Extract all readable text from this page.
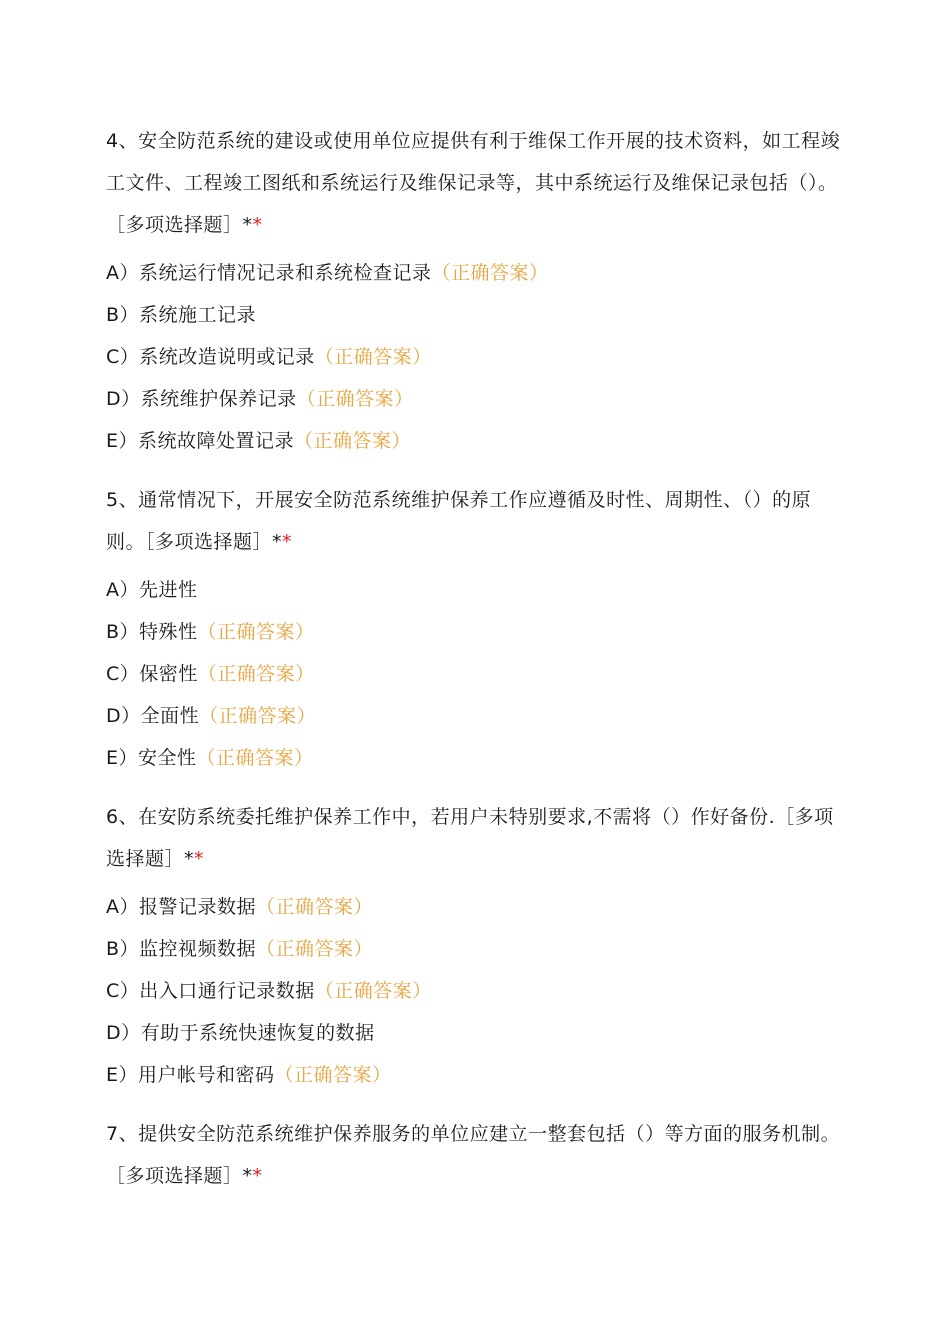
4、安全防范系统的建设或使用单位应提供有利于维保工作开展的技术资料，如工程竣工文件、工程竣工图纸和系统运行及维保记录等，其中系统运行及维保记录包括（）。［多项选择题］**

A）系统运行情况记录和系统检查记录（正确答案）

B）系统施工记录

C）系统改造说明或记录（正确答案）

D）系统维护保养记录（正确答案）

E）系统故障处置记录（正确答案）

5、通常情况下，开展安全防范系统维护保养工作应遵循及时性、周期性、（）的原则。［多项选择题］**

A）先进性

B）特殊性（正确答案）

C）保密性（正确答案）

D）全面性（正确答案）

E）安全性（正确答案）

6、在安防系统委托维护保养工作中，若用户未特别要求,不需将（）作好备份.［多项选择题］**

A）报警记录数据（正确答案）

B）监控视频数据（正确答案）

C）出入口通行记录数据（正确答案）

D）有助于系统快速恢复的数据

E）用户帐号和密码（正确答案）

7、提供安全防范系统维护保养服务的单位应建立一整套包括（）等方面的服务机制。［多项选择题］**
